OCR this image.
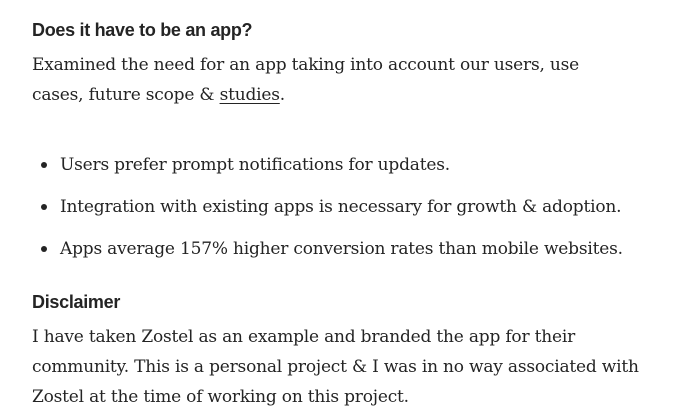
Does it have to be an app?

Examined the need for an app taking into account our users, use cases, future scope & studies.

Users prefer prompt notifications for updates.
Integration with existing apps is necessary for growth & adoption.
Apps average 157% higher conversion rates than mobile websites.
Disclaimer

I have taken Zostel as an example and branded the app for their community. This is a personal project & I was in no way associated with Zostel at the time of working on this project.
